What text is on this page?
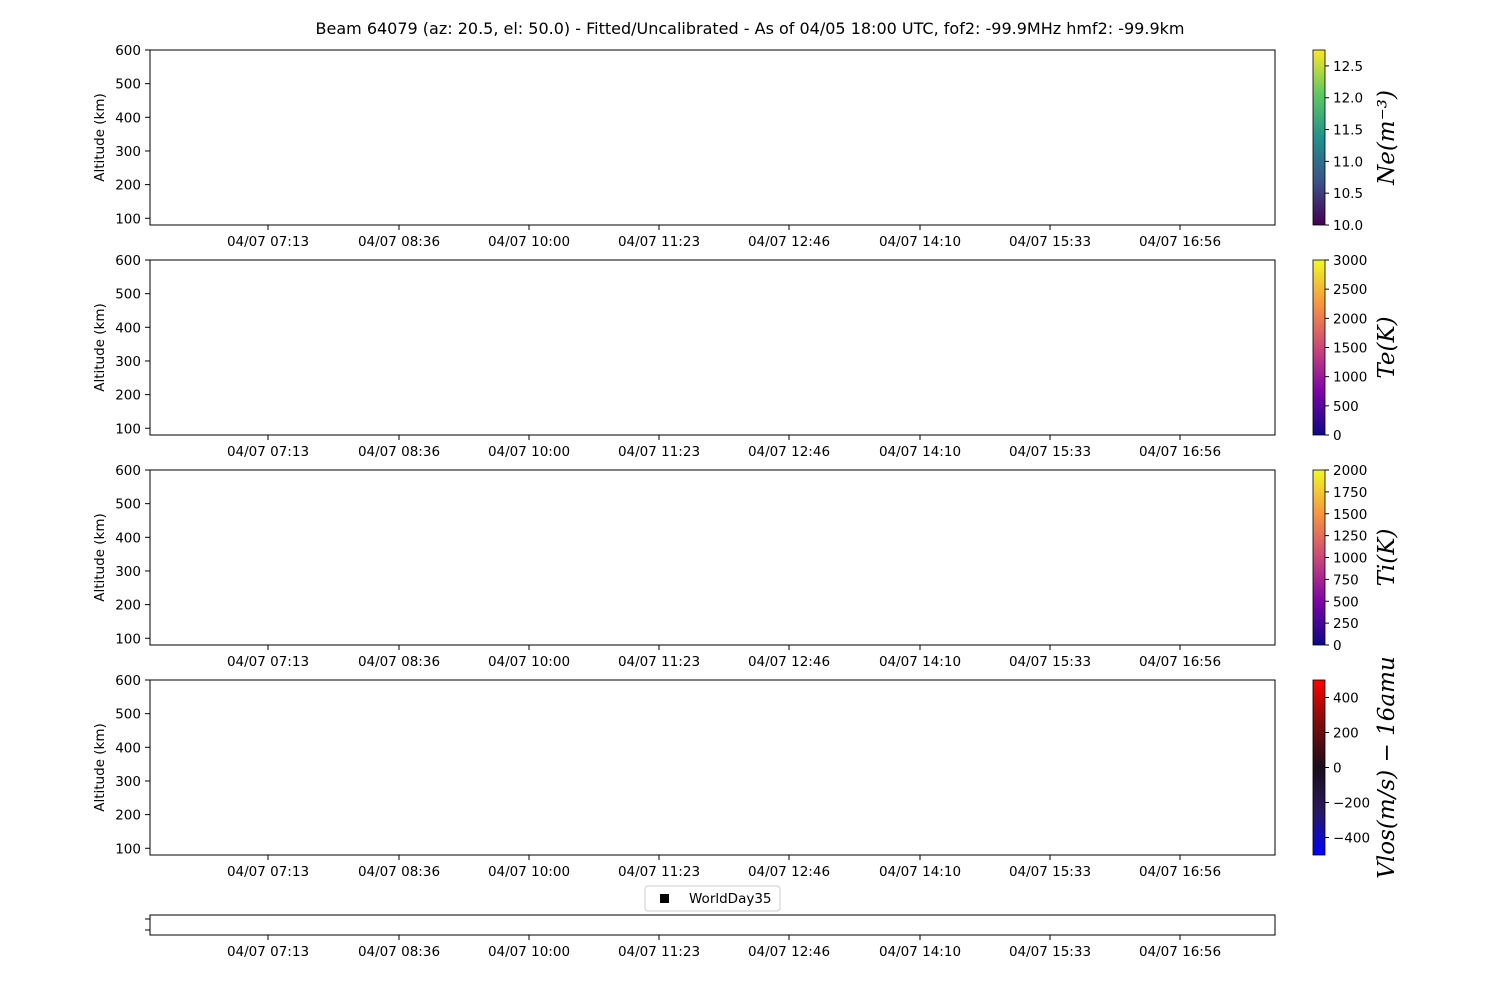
Beam 64079 (az: 20.5, el: 50.0) - Fitted/Uncalibrated - As of 04/05 18:00 UTC, fof2: -99.9MHz hmf2: -99.9km
100
200
300
400
500
600
Altitude (km)
04/07 07:13	04/07 08:36	04/07 10:00	04/07 11:23	04/07 12:46	04/07 14:10	04/07 15:33	04/07 16:56
10.0
10.5
11.0
11.5
12.0
12.5
Ne(m⁻³)
100
200
300
400
500
600
Altitude (km)
04/07 07:13	04/07 08:36	04/07 10:00	04/07 11:23	04/07 12:46	04/07 14:10	04/07 15:33	04/07 16:56
0
500
1000
1500
2000
2500
3000
Te(K)
100
200
300
400
500
600
Altitude (km)
04/07 07:13	04/07 08:36	04/07 10:00	04/07 11:23	04/07 12:46	04/07 14:10	04/07 15:33	04/07 16:56
0
250
500
750
1000
1250
1500
1750
2000
Ti(K)
100
200
300
400
500
600
Altitude (km)
04/07 07:13	04/07 08:36	04/07 10:00	04/07 11:23	04/07 12:46	04/07 14:10	04/07 15:33	04/07 16:56
−400
−200
0
200
400 Vlos(m/s) − 16amu
04/07 07:13	04/07 08:36	04/07 10:00	04/07 11:23	04/07 12:46	04/07 14:10	04/07 15:33	04/07 16:56
WorldDay35
